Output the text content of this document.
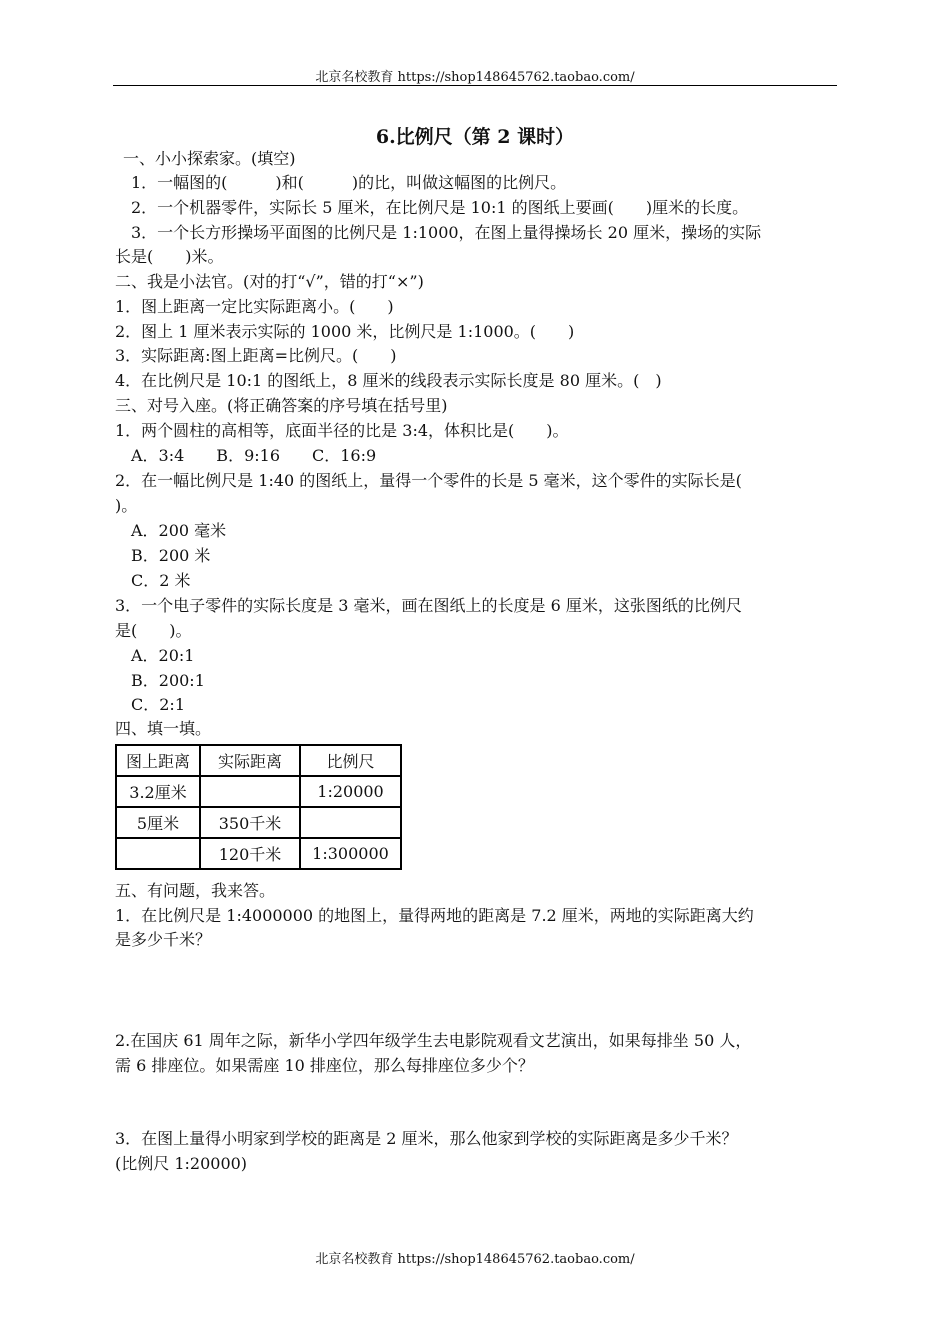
北京名校教育 https://shop148645762.taobao.com/
6.比例尺（第 2 课时）
一、小小探索家。(填空)
1．一幅图的(　　　)和(　　　)的比，叫做这幅图的比例尺。
2．一个机器零件，实际长 5 厘米，在比例尺是 10:1 的图纸上要画(　　)厘米的长度。
3．一个长方形操场平面图的比例尺是 1:1000，在图上量得操场长 20 厘米，操场的实际
长是(　　)米。
二、我是小法官。(对的打“√”，错的打“×”)
1．图上距离一定比实际距离小。(　　)
2．图上 1 厘米表示实际的 1000 米，比例尺是 1:1000。(　　)
3．实际距离:图上距离=比例尺。(　　)
4．在比例尺是 10:1 的图纸上，8 厘米的线段表示实际长度是 80 厘米。(　)
三、对号入座。(将正确答案的序号填在括号里)
1．两个圆柱的高相等，底面半径的比是 3:4，体积比是(　　)。
A．3:4　　B．9:16　　C．16:9
2．在一幅比例尺是 1:40 的图纸上，量得一个零件的长是 5 毫米，这个零件的实际长是(
)。
A．200 毫米
B．200 米
C．2 米
3．一个电子零件的实际长度是 3 毫米，画在图纸上的长度是 6 厘米，这张图纸的比例尺
是(　　)。
A．20:1
B．200:1
C．2:1
四、填一填。
图上距离	实际距离	比例尺
3.2厘米		1:20000
5厘米	350千米	
	120千米	1:300000
五、有问题，我来答。
1．在比例尺是 1:4000000 的地图上，量得两地的距离是 7.2 厘米，两地的实际距离大约
是多少千米？
2.在国庆 61 周年之际，新华小学四年级学生去电影院观看文艺演出，如果每排坐 50 人，
需 6 排座位。如果需座 10 排座位，那么每排座位多少个？
3．在图上量得小明家到学校的距离是 2 厘米，那么他家到学校的实际距离是多少千米？
(比例尺 1:20000)
北京名校教育 https://shop148645762.taobao.com/
